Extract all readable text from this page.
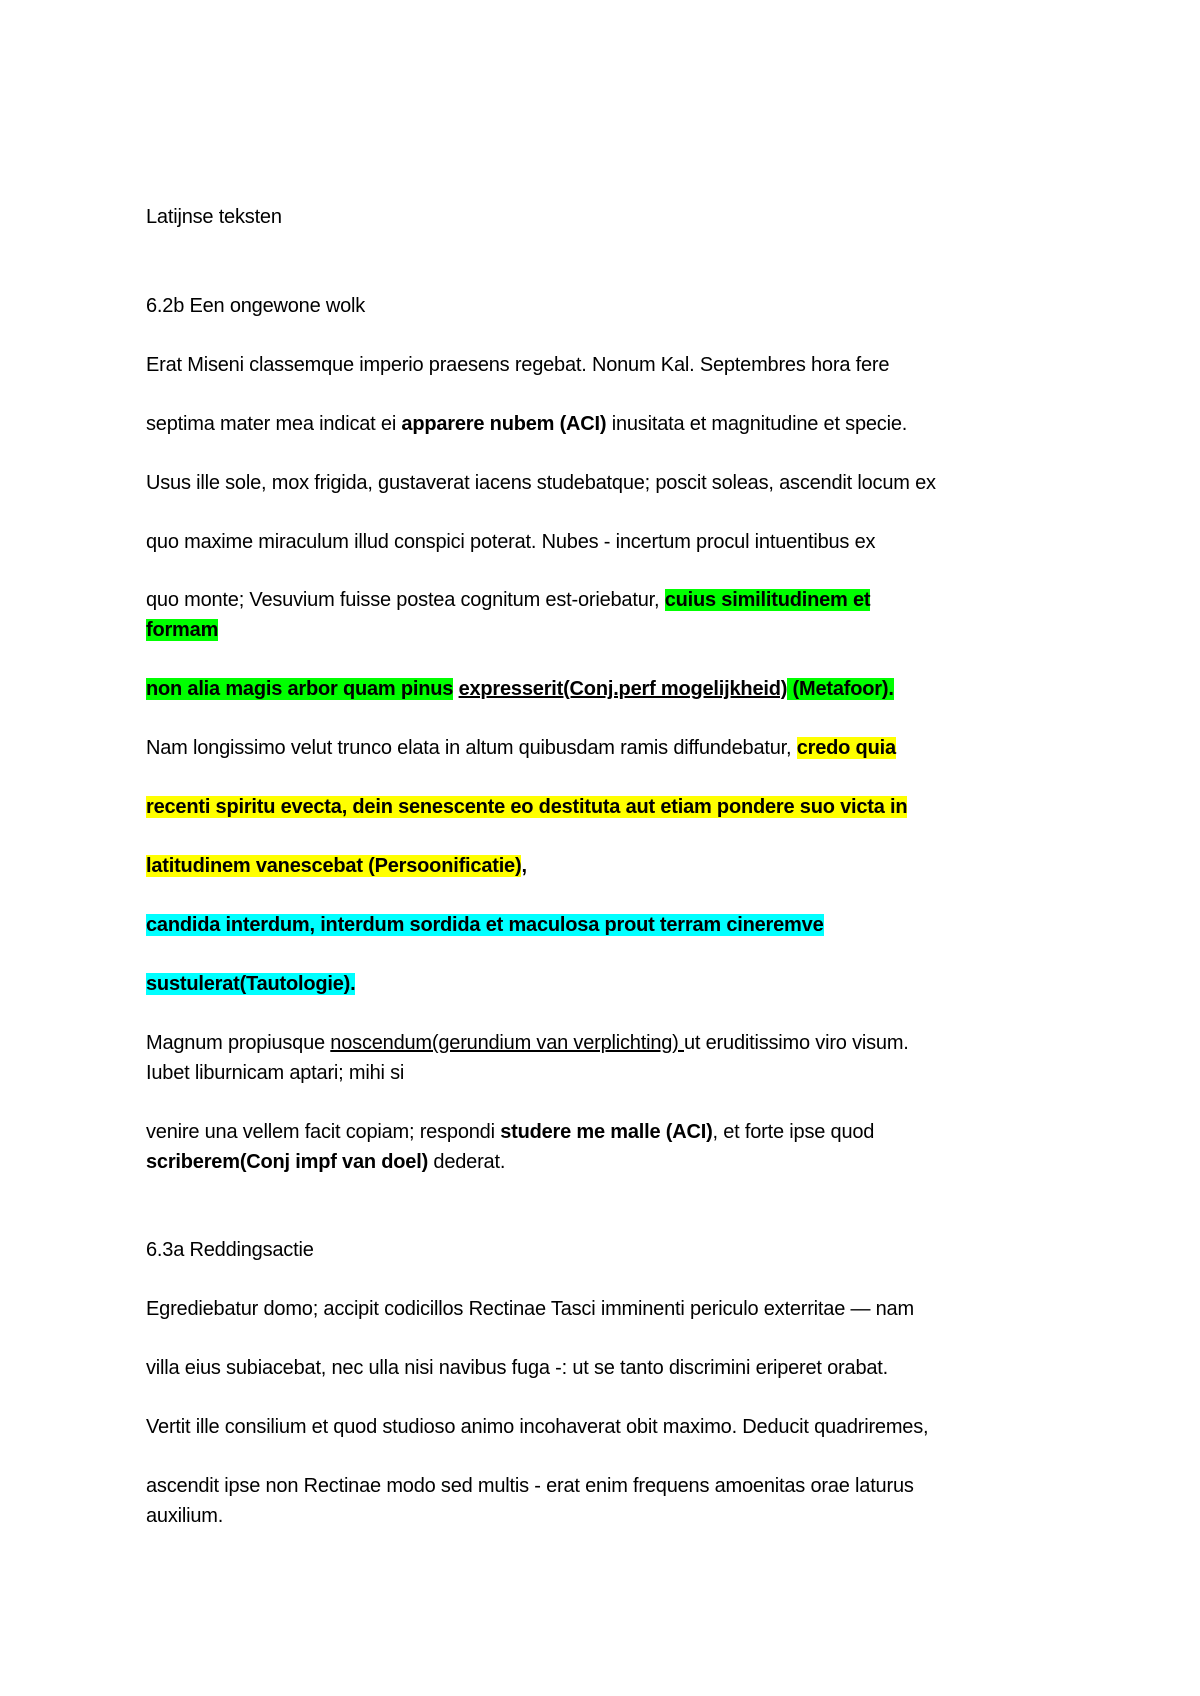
Latijnse teksten
6.2b Een ongewone wolk
Erat Miseni classemque imperio praesens regebat. Nonum Kal. Septembres hora fere
septima mater mea indicat ei apparere nubem (ACI) inusitata et magnitudine et specie.
Usus ille sole, mox frigida, gustaverat iacens studebatque; poscit soleas, ascendit locum ex
quo maxime miraculum illud conspici poterat. Nubes - incertum procul intuentibus ex
quo monte; Vesuvium fuisse postea cognitum est-oriebatur, cuius similitudinem et
formam
non alia magis arbor quam pinus expresserit(Conj.perf mogelijkheid) (Metafoor).
Nam longissimo velut trunco elata in altum quibusdam ramis diffundebatur, credo quia
recenti spiritu evecta, dein senescente eo destituta aut etiam pondere suo victa in
latitudinem vanescebat (Persoonificatie),
candida interdum, interdum sordida et maculosa prout terram cineremve
sustulerat(Tautologie).
Magnum propiusque noscendum(gerundium van verplichting) ut eruditissimo viro visum.
Iubet liburnicam aptari; mihi si
venire una vellem facit copiam; respondi studere me malle (ACI), et forte ipse quod
scriberem(Conj impf van doel) dederat.
6.3a Reddingsactie
Egrediebatur domo; accipit codicillos Rectinae Tasci imminenti periculo exterritae — nam
villa eius subiacebat, nec ulla nisi navibus fuga -: ut se tanto discrimini eriperet orabat.
Vertit ille consilium et quod studioso animo incohaverat obit maximo. Deducit quadriremes,
ascendit ipse non Rectinae modo sed multis - erat enim frequens amoenitas orae laturus
auxilium.
